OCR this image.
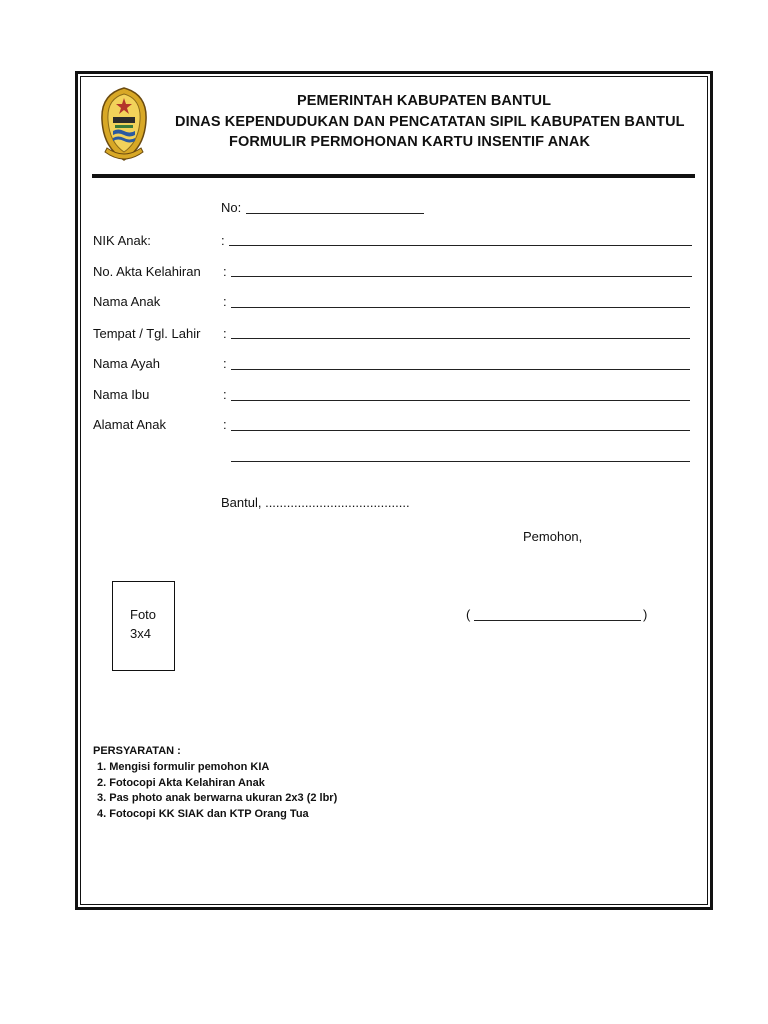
PEMERINTAH KABUPATEN BANTUL
DINAS KEPENDUDUKAN DAN PENCATATAN SIPIL KABUPATEN BANTUL
FORMULIR PERMOHONAN KARTU INSENTIF ANAK
No:
NIK Anak:	:
No. Akta Kelahiran :
Nama Anak	:
Tempat / Tgl. Lahir :
Nama Ayah	:
Nama Ibu	:
Alamat Anak	:
Bantul, ........................................
Pemohon,
(	)
Foto
3x4
PERSYARATAN :
1. Mengisi formulir pemohon KIA
2. Fotocopi Akta Kelahiran Anak
3. Pas photo anak berwarna ukuran 2x3 (2 lbr)
4. Fotocopi KK SIAK dan KTP Orang Tua
